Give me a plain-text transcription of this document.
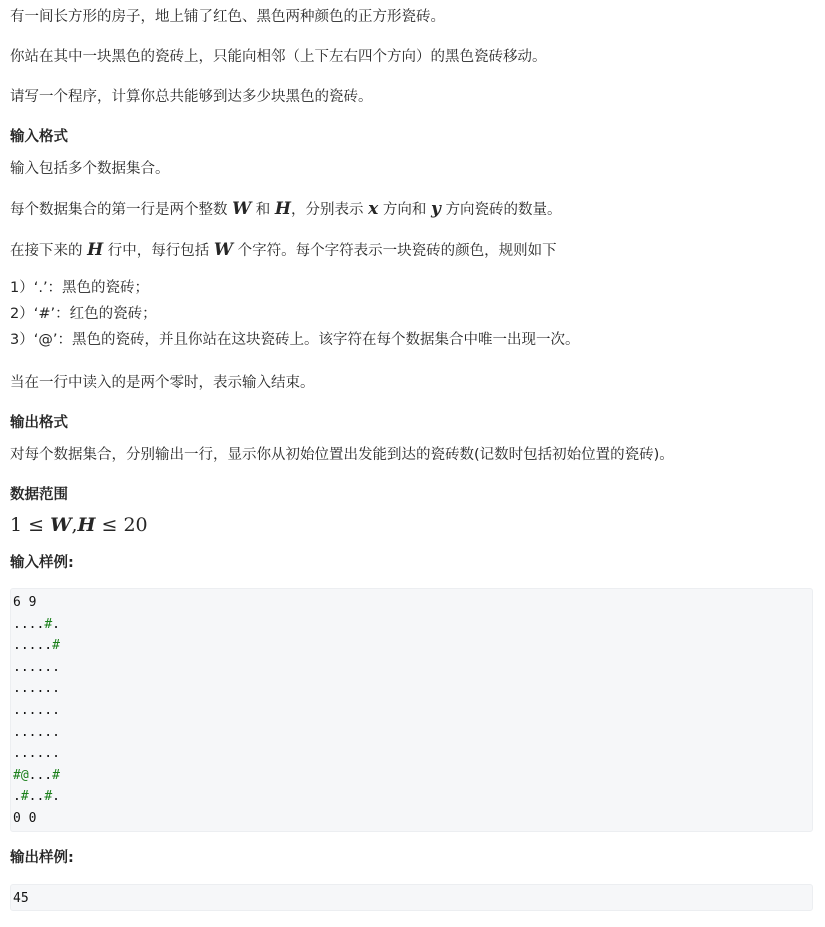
有一间长方形的房子，地上铺了红色、黑色两种颜色的正方形瓷砖。

你站在其中一块黑色的瓷砖上，只能向相邻（上下左右四个方向）的黑色瓷砖移动。

请写一个程序，计算你总共能够到达多少块黑色的瓷砖。

输入格式

输入包括多个数据集合。

每个数据集合的第一行是两个整数 W 和 H，分别表示 x 方向和 y 方向瓷砖的数量。

在接下来的 H 行中，每行包括 W 个字符。每个字符表示一块瓷砖的颜色，规则如下

1）‘.’：黑色的瓷砖；

2）‘#’：红色的瓷砖；

3）‘@’：黑色的瓷砖，并且你站在这块瓷砖上。该字符在每个数据集合中唯一出现一次。

当在一行中读入的是两个零时，表示输入结束。

输出格式

对每个数据集合，分别输出一行，显示你从初始位置出发能到达的瓷砖数(记数时包括初始位置的瓷砖)。

数据范围
1 ≤ W,H ≤ 20
输入样例:
6 9
....#.
.....#
......
......
......
......
......
#@...#
.#..#.
0 0
输出样例:
45
